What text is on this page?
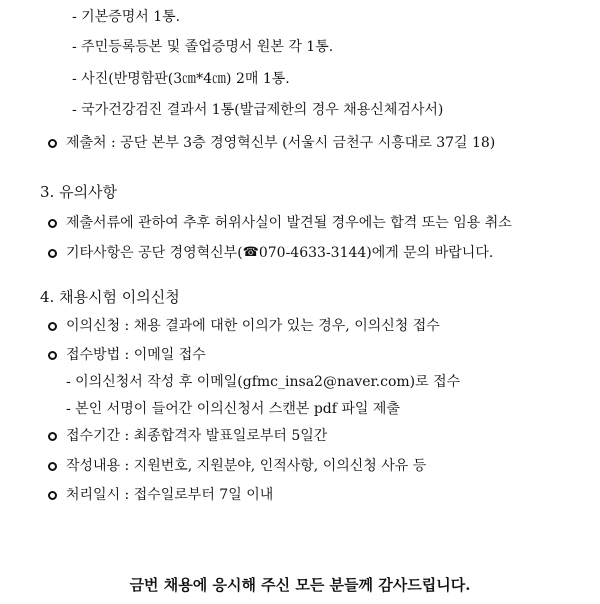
- 기본증명서 1통.
- 주민등록등본 및 졸업증명서 원본 각 1통.
- 사진(반명함판(3㎝*4㎝) 2매 1통.
- 국가건강검진 결과서 1통(발급제한의 경우 채용신체검사서)
제출처 : 공단 본부 3층 경영혁신부 (서울시 금천구 시흥대로 37길 18)
3. 유의사항
제출서류에 관하여 추후 허위사실이 발견될 경우에는 합격 또는 임용 취소
기타사항은 공단 경영혁신부( ☎ 070-4633-3144)에게 문의 바랍니다.
4. 채용시험 이의신청
이의신청 : 채용 결과에 대한 이의가 있는 경우, 이의신청 접수
접수방법 : 이메일 접수
- 이의신청서 작성 후 이메일(gfmc_insa2@naver.com)로 접수
- 본인 서명이 들어간 이의신청서 스캔본 pdf 파일 제출
접수기간 : 최종합격자 발표일로부터 5일간
작성내용 : 지원번호, 지원분야, 인적사항, 이의신청 사유 등
처리일시 : 접수일로부터 7일 이내
금번 채용에 응시해 주신 모든 분들께 감사드립니다.
